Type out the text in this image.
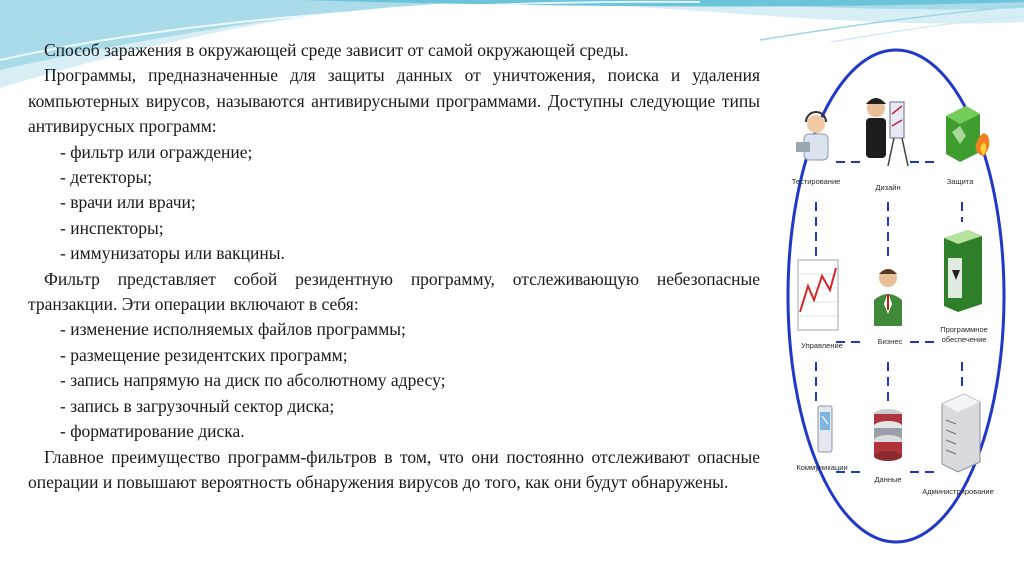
Способ заражения в окружающей среде зависит от самой окружающей среды.

Программы, предназначенные для защиты данных от уничтожения, поиска и удаления компьютерных вирусов, называются антивирусными программами. Доступны следующие типы антивирусных программ:

- фильтр или ограждение;

- детекторы;

- врачи или врачи;

- инспекторы;

- иммунизаторы или вакцины.

Фильтр представляет собой резидентную программу, отслеживающую небезопасные транзакции. Эти операции включают в себя:

- изменение исполняемых файлов программы;

- размещение резидентских программ;

- запись напрямую на диск по абсолютному адресу;

- запись в загрузочный сектор диска;

- форматирование диска.

Главное преимущество программ-фильтров в том, что они постоянно отслеживают опасные операции и повышают вероятность обнаружения вирусов до того, как они будут обнаружены.

Тестирование
Дизайн
Защита
Управление	Бизнес
Программное
обеспечение
Коммуникации
Данные
Администрирование
